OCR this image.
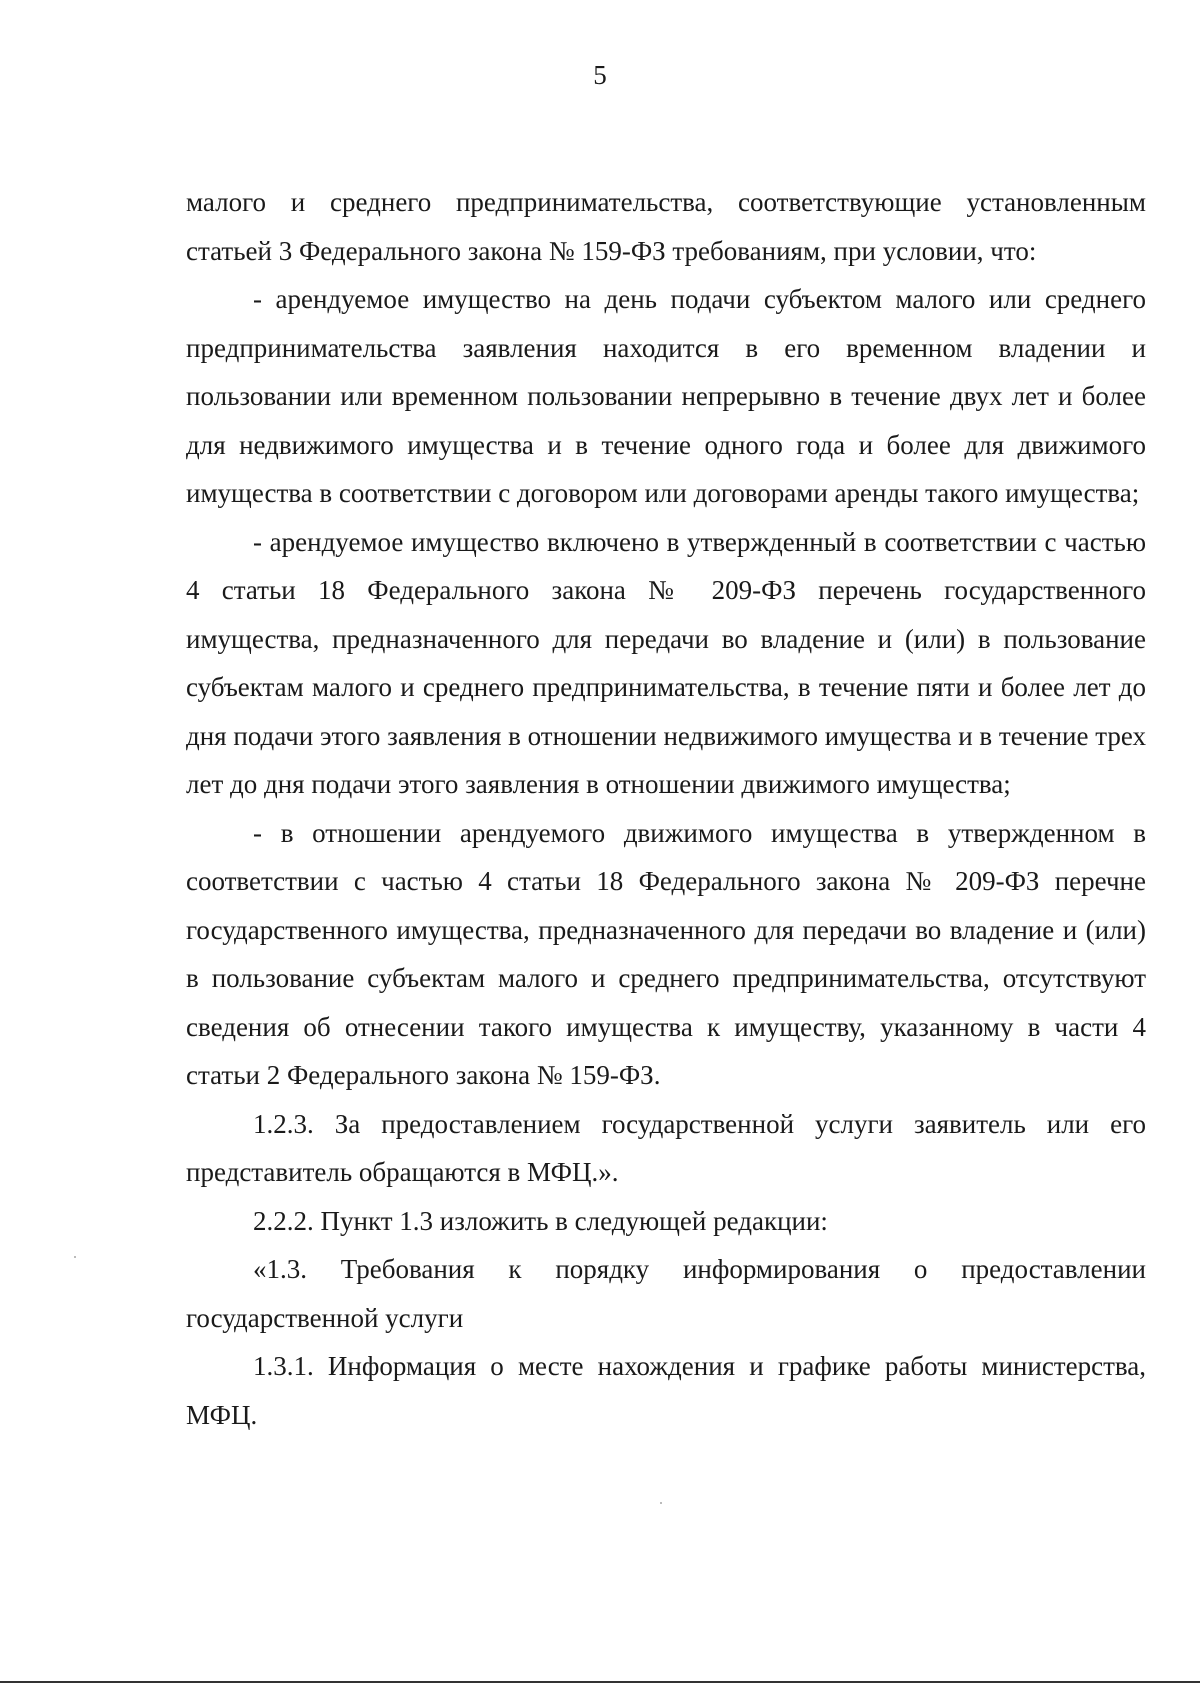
5

малого и среднего предпринимательства, соответствующие установленным статьей 3 Федерального закона № 159-ФЗ требованиям, при условии, что:

- арендуемое имущество на день подачи субъектом малого или среднего предпринимательства заявления находится в его временном владении и пользовании или временном пользовании непрерывно в течение двух лет и более для недвижимого имущества и в течение одного года и более для движимого имущества в соответствии с договором или договорами аренды такого имущества;

- арендуемое имущество включено в утвержденный в соответствии с частью 4 статьи 18 Федерального закона № 209-ФЗ перечень государственного имущества, предназначенного для передачи во владение и (или) в пользование субъектам малого и среднего предпринимательства, в течение пяти и более лет до дня подачи этого заявления в отношении недвижимого имущества и в течение трех лет до дня подачи этого заявления в отношении движимого имущества;

- в отношении арендуемого движимого имущества в утвержденном в соответствии с частью 4 статьи 18 Федерального закона № 209-ФЗ перечне государственного имущества, предназначенного для передачи во владение и (или) в пользование субъектам малого и среднего предпринимательства, отсутствуют сведения об отнесении такого имущества к имуществу, указанному в части 4 статьи 2 Федерального закона № 159-ФЗ.

1.2.3. За предоставлением государственной услуги заявитель или его представитель обращаются в МФЦ.».

2.2.2. Пункт 1.3 изложить в следующей редакции:

«1.3. Требования к порядку информирования о предоставлении государственной услуги

1.3.1. Информация о месте нахождения и графике работы министерства, МФЦ.
